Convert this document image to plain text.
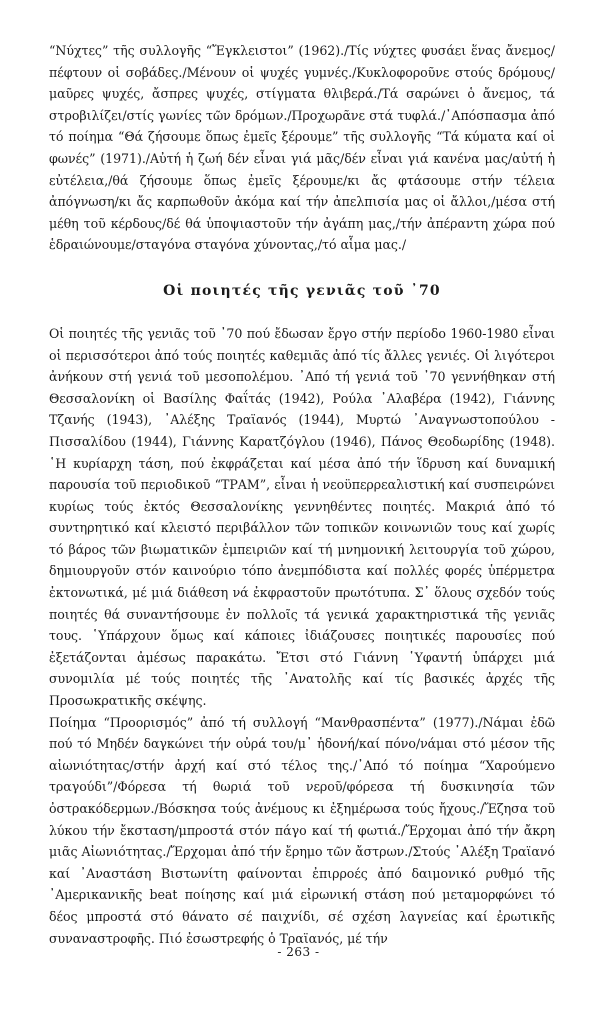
“Νύχτες” τῆς συλλογῆς “Ἔγκλειστοι” (1962)./Τίς νύχτες φυσάει ἕνας ἄνεμος/πέφτουν οἱ σοβάδες./Μένουν οἱ ψυχές γυμνές./Κυκλοφοροῦνε στούς δρόμους/μαῦρες ψυχές, ἄσπρες ψυχές, στίγματα θλιβερά./Τά σαρώνει ὁ ἄνεμος, τά στροβιλίζει/στίς γωνίες τῶν δρόμων./Προχωρᾶνε στά τυφλά./᾿Απόσπασμα ἀπό τό ποίημα “Θά ζήσουμε ὅπως ἐμεῖς ξέρουμε” τῆς συλλογῆς “Τά κύματα καί οἱ φωνές” (1971)./Αὐτή ἡ ζωή δέν εἶναι γιά μᾶς/δέν εἶναι γιά κανένα μας/αὐτή ἡ εὐτέλεια,/θά ζήσουμε ὅπως ἐμεῖς ξέρουμε/κι ἄς φτάσουμε στήν τέλεια ἀπόγνωση/κι ἄς καρπωθοῦν ἀκόμα καί τήν ἀπελπισία μας οἱ ἄλλοι,/μέσα στή μέθη τοῦ κέρδους/δέ θά ὑποψιαστοῦν τήν ἀγάπη μας,/τήν ἀπέραντη χώρα πού ἑδραιώνουμε/σταγόνα σταγόνα χύνοντας,/τό αἷμα μας./

Οἱ ποιητές τῆς γενιᾶς τοῦ ᾿70

Οἱ ποιητές τῆς γενιᾶς τοῦ ᾿70 πού ἔδωσαν ἔργο στήν περίοδο 1960-1980 εἶναι οἱ περισσότεροι ἀπό τούς ποιητές καθεμιᾶς ἀπό τίς ἄλλες γενιές. Οἱ λιγότεροι ἀνήκουν στή γενιά τοῦ μεσοπολέμου. ᾿Από τή γενιά τοῦ ᾿70 γεννήθηκαν στή Θεσσαλονίκη οἱ Βασίλης Φαΐτάς (1942), Ρούλα ᾿Αλαβέρα (1942), Γιάννης Τζανής (1943), ᾿Αλέξης Τραϊανός (1944), Μυρτώ ᾿Αναγνωστοπούλου - Πισσαλίδου (1944), Γιάννης Καρατζόγλου (1946), Πάνος Θεοδωρίδης (1948). ῾Η κυρίαρχη τάση, πού ἐκφράζεται καί μέσα ἀπό τήν ἵδρυση καί δυναμική παρουσία τοῦ περιοδικοῦ “ΤΡΑΜ”, εἶναι ἡ νεοϋπερρεαλιστική καί συσπειρώνει κυρίως τούς ἐκτός Θεσσαλονίκης γεννηθέντες ποιητές. Μακριά ἀπό τό συντηρητικό καί κλειστό περιβάλλον τῶν τοπικῶν κοινωνιῶν τους καί χωρίς τό βάρος τῶν βιωματικῶν ἐμπειριῶν καί τή μνημονική λειτουργία τοῦ χώρου, δημιουργοῦν στόν καινούριο τόπο ἀνεμπόδιστα καί πολλές φορές ὑπέρμετρα ἐκτονωτικά, μέ μιά διάθεση νά ἐκφραστοῦν πρωτότυπα. Σ᾿ ὅλους σχεδόν τούς ποιητές θά συναντήσουμε ἐν πολλοῖς τά γενικά χαρακτηριστικά τῆς γενιᾶς τους. ῾Υπάρχουν ὅμως καί κάποιες ἰδιάζουσες ποιητικές παρουσίες πού ἐξετάζονται ἀμέσως παρακάτω. Ἔτσι στό Γιάννη ῾Υφαντή ὑπάρχει μιά συνομιλία μέ τούς ποιητές τῆς ᾿Ανατολῆς καί τίς βασικές ἀρχές τῆς Προσωκρατικῆς σκέψης.

Ποίημα “Προορισμός” ἀπό τή συλλογή “Μανθρασπέντα” (1977)./Νάμαι ἐδῶ πού τό Μηδέν δαγκώνει τήν οὐρά του/μ᾿ ἡδονή/καί πόνο/νάμαι στό μέσον τῆς αἰωνιότητας/στήν ἀρχή καί στό τέλος της./᾿Από τό ποίημα “Χαρούμενο τραγούδι”/Φόρεσα τή θωριά τοῦ νεροῦ/φόρεσα τή δυσκινησία τῶν ὀστρακόδερμων./Βόσκησα τούς ἀνέμους κι ἐξημέρωσα τούς ἤχους./Ἔζησα τοῦ λύκου τήν ἔκσταση/μπροστά στόν πάγο καί τή φωτιά./Ἔρχομαι ἀπό τήν ἄκρη μιᾶς Αἰωνιότητας./Ἔρχομαι ἀπό τήν ἔρημο τῶν ἄστρων./Στούς ᾿Αλέξη Τραϊανό καί ᾿Αναστάση Βιστωνίτη φαίνονται ἐπιρροές ἀπό δαιμονικό ρυθμό τῆς ᾿Αμερικανικῆς beat ποίησης καί μιά εἰρωνική στάση πού μεταμορφώνει τό δέος μπροστά στό θάνατο σέ παιχνίδι, σέ σχέση λαγνείας καί ἐρωτικῆς συναναστροφῆς. Πιό ἐσωστρεφής ὁ Τραϊανός, μέ τήν

- 263 -
